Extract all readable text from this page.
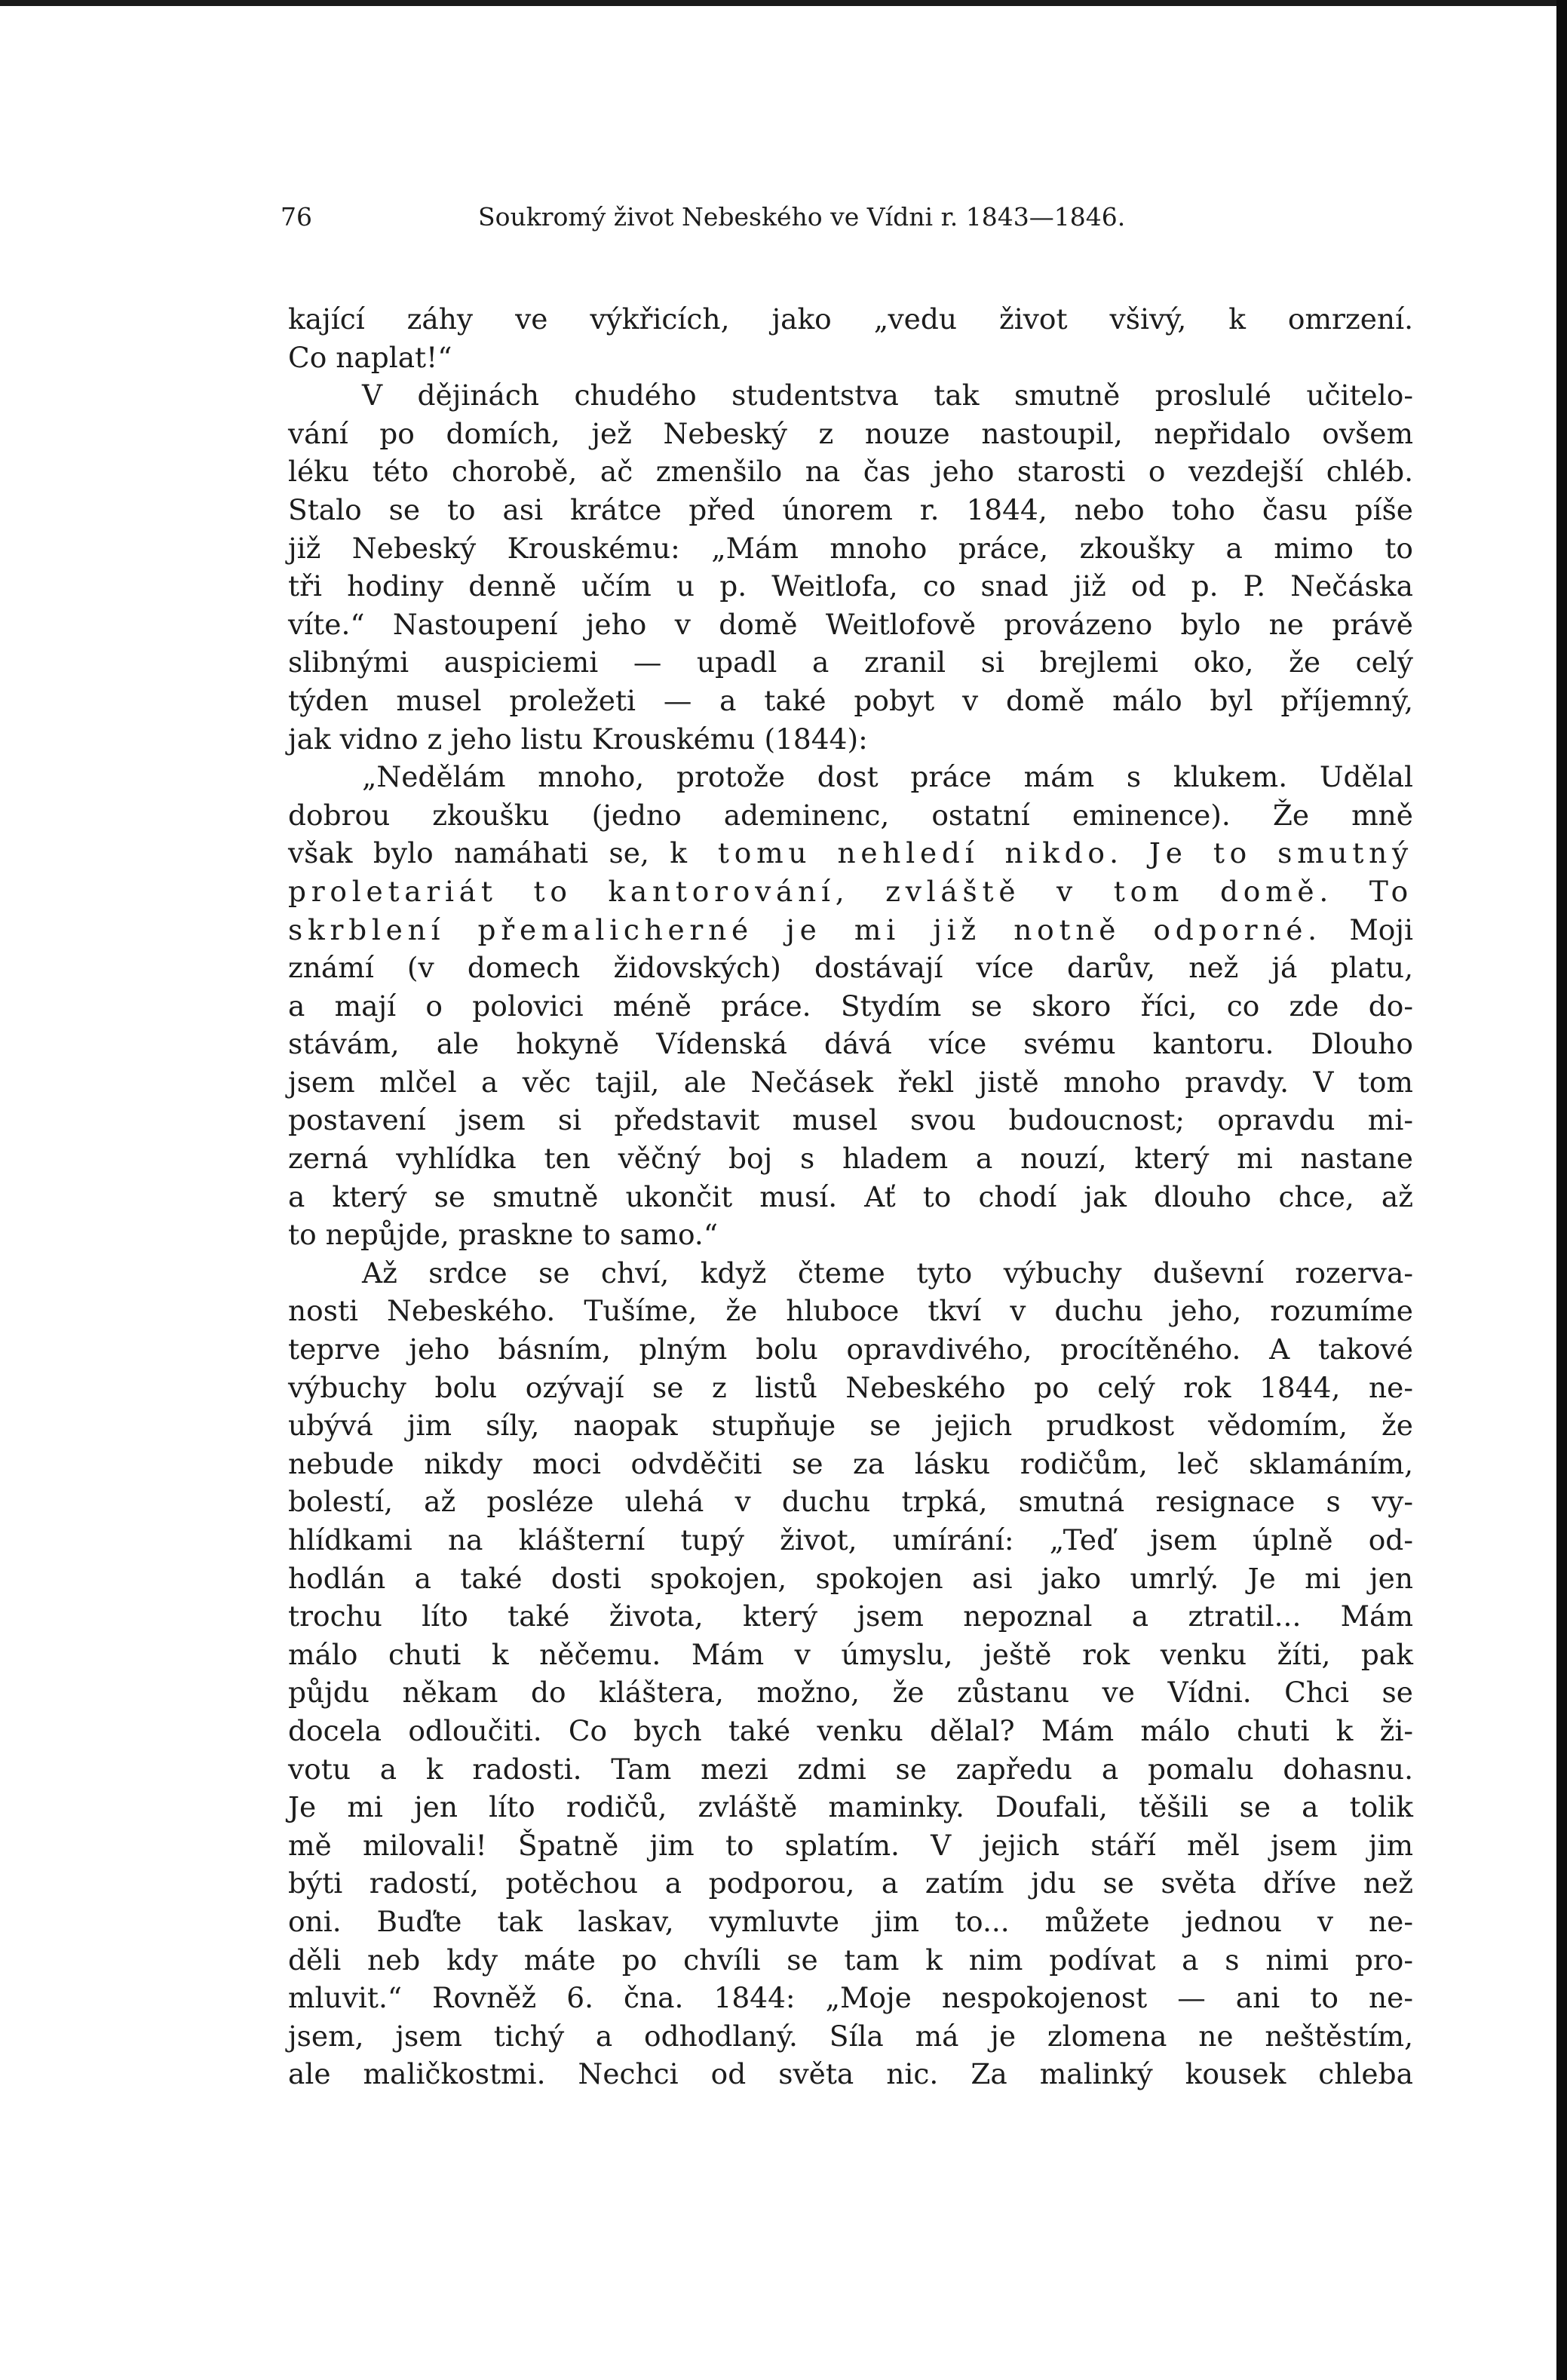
76	Soukromý život Nebeského ve Vídni r. 1843—1846.
kající záhy ve výkřicích, jako „vedu život všivý, k omrzení.
Co naplat!“
V dějinách chudého studentstva tak smutně proslulé učitelo-
vání po domích, jež Nebeský z nouze nastoupil, nepřidalo ovšem
léku této chorobě, ač zmenšilo na čas jeho starosti o vezdejší chléb.
Stalo se to asi krátce před únorem r. 1844, nebo toho času píše
již Nebeský Krouskému: „Mám mnoho práce, zkoušky a mimo to
tři hodiny denně učím u p. Weitlofa, co snad již od p. P. Nečáska
víte.“ Nastoupení jeho v domě Weitlofově provázeno bylo ne právě
slibnými auspiciemi — upadl a zranil si brejlemi oko, že celý
týden musel proležeti — a také pobyt v domě málo byl příjemný,
jak vidno z jeho listu Krouskému (1844):
„Nedělám mnoho, protože dost práce mám s klukem. Udělal
dobrou zkoušku (jedno ademinenc, ostatní eminence). Že mně
však bylo namáhati se, k tomu nehledí nikdo. Je to smutný
proletariát to kantorování, zvláště v tom domě. To
skrblení přemalicherné je mi již notně odporné. Moji
známí (v domech židovských) dostávají více darův, než já platu,
a mají o polovici méně práce. Stydím se skoro říci, co zde do-
stávám, ale hokyně Vídenská dává více svému kantoru. Dlouho
jsem mlčel a věc tajil, ale Nečásek řekl jistě mnoho pravdy. V tom
postavení jsem si představit musel svou budoucnost; opravdu mi-
zerná vyhlídka ten věčný boj s hladem a nouzí, který mi nastane
a který se smutně ukončit musí. Ať to chodí jak dlouho chce, až
to nepůjde, praskne to samo.“
Až srdce se chví, když čteme tyto výbuchy duševní rozerva-
nosti Nebeského. Tušíme, že hluboce tkví v duchu jeho, rozumíme
teprve jeho básním, plným bolu opravdivého, procítěného. A takové
výbuchy bolu ozývají se z listů Nebeského po celý rok 1844, ne-
ubývá jim síly, naopak stupňuje se jejich prudkost vědomím, že
nebude nikdy moci odvděčiti se za lásku rodičům, leč sklamáním,
bolestí, až posléze ulehá v duchu trpká, smutná resignace s vy-
hlídkami na klášterní tupý život, umírání: „Teď jsem úplně od-
hodlán a také dosti spokojen, spokojen asi jako umrlý. Je mi jen
trochu líto také života, který jsem nepoznal a ztratil... Mám
málo chuti k něčemu. Mám v úmyslu, ještě rok venku žíti, pak
půjdu někam do kláštera, možno, že zůstanu ve Vídni. Chci se
docela odloučiti. Co bych také venku dělal? Mám málo chuti k ži-
votu a k radosti. Tam mezi zdmi se zapředu a pomalu dohasnu.
Je mi jen líto rodičů, zvláště maminky. Doufali, těšili se a tolik
mě milovali! Špatně jim to splatím. V jejich stáří měl jsem jim
býti radostí, potěchou a podporou, a zatím jdu se světa dříve než
oni. Buďte tak laskav, vymluvte jim to... můžete jednou v ne-
děli neb kdy máte po chvíli se tam k nim podívat a s nimi pro-
mluvit.“ Rovněž 6. čna. 1844: „Moje nespokojenost — ani to ne-
jsem, jsem tichý a odhodlaný. Síla má je zlomena ne neštěstím,
ale maličkostmi. Nechci od světa nic. Za malinký kousek chleba
